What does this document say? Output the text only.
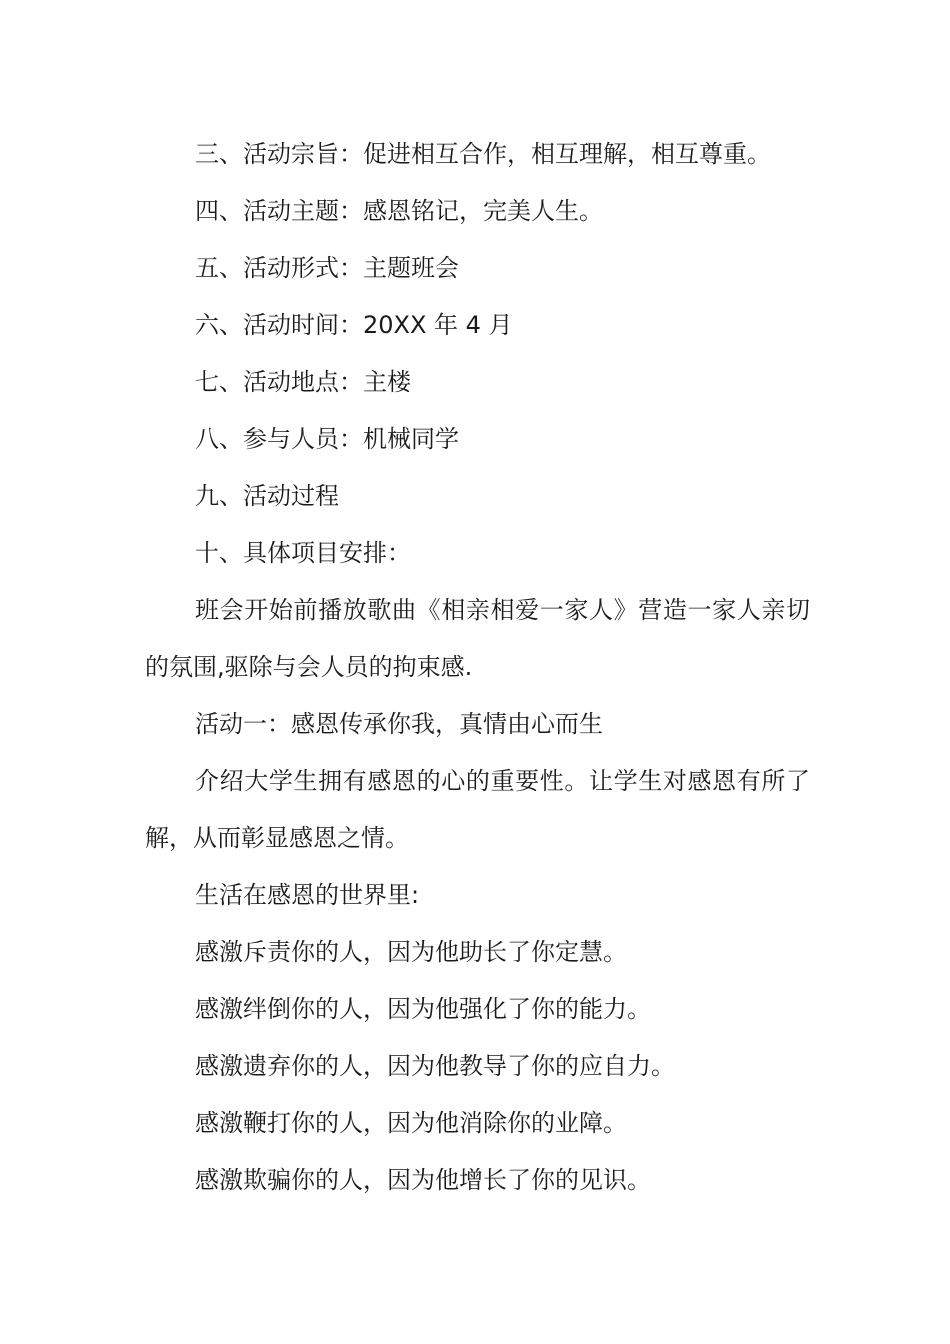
三、活动宗旨：促进相互合作，相互理解，相互尊重。

四、活动主题：感恩铭记，完美人生。

五、活动形式：主题班会

六、活动时间：20XX 年 4 月

七、活动地点：主楼

八、参与人员：机械同学

九、活动过程

十、具体项目安排：

班会开始前播放歌曲《相亲相爱一家人》营造一家人亲切的氛围,驱除与会人员的拘束感.

活动一：感恩传承你我，真情由心而生

介绍大学生拥有感恩的心的重要性。让学生对感恩有所了解，从而彰显感恩之情。

生活在感恩的世界里:

感激斥责你的人，因为他助长了你定慧。

感激绊倒你的人，因为他强化了你的能力。

感激遗弃你的人，因为他教导了你的应自力。

感激鞭打你的人，因为他消除你的业障。

感激欺骗你的人，因为他增长了你的见识。
